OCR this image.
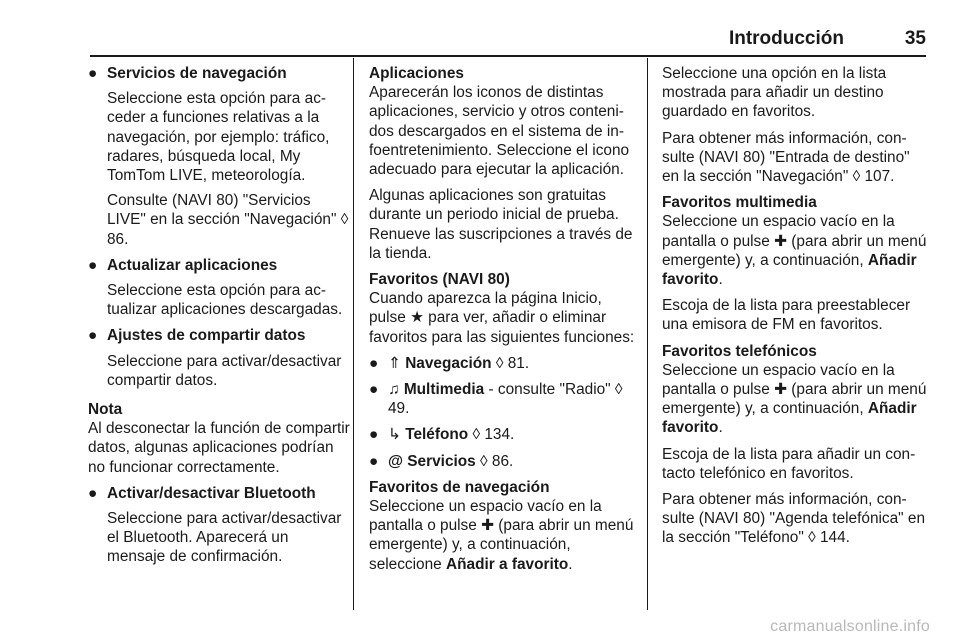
Introducción	35
● Servicios de navegación
Seleccione esta opción para acceder a funciones relativas a la navegación, por ejemplo: tráfico, radares, búsqueda local, My TomTom LIVE, meteorología.
Consulte (NAVI 80) "Servicios LIVE" en la sección "Navegación" ◊ 86.
● Actualizar aplicaciones
Seleccione esta opción para actualizar aplicaciones descargadas.
● Ajustes de compartir datos
Seleccione para activar/desactivar compartir datos.
Nota
Al desconectar la función de compartir datos, algunas aplicaciones podrían no funcionar correctamente.
● Activar/desactivar Bluetooth
Seleccione para activar/desactivar el Bluetooth. Aparecerá un mensaje de confirmación.

Aplicaciones
Aparecerán los iconos de distintas aplicaciones, servicio y otros contenidos descargados en el sistema de infoentretenimiento. Seleccione el icono adecuado para ejecutar la aplicación.

Algunas aplicaciones son gratuitas durante un periodo inicial de prueba. Renueve las suscripciones a través de la tienda.

Favoritos (NAVI 80)
Cuando aparezca la página Inicio, pulse ★ para ver, añadir o eliminar favoritos para las siguientes funciones:

● ⇑ Navegación ◊ 81.
● ♫ Multimedia - consulte "Radio" ◊ 49.
● ↳ Teléfono ◊ 134.
● @ Servicios ◊ 86.

Favoritos de navegación
Seleccione un espacio vacío en la pantalla o pulse ✚ (para abrir un menú emergente) y, a continuación, seleccione Añadir a favorito.

Seleccione una opción en la lista mostrada para añadir un destino guardado en favoritos.

Para obtener más información, consulte (NAVI 80) "Entrada de destino" en la sección "Navegación" ◊ 107.

Favoritos multimedia
Seleccione un espacio vacío en la pantalla o pulse ✚ (para abrir un menú emergente) y, a continuación, Añadir favorito.

Escoja de la lista para preestablecer una emisora de FM en favoritos.

Favoritos telefónicos
Seleccione un espacio vacío en la pantalla o pulse ✚ (para abrir un menú emergente) y, a continuación, Añadir favorito.

Escoja de la lista para añadir un contacto telefónico en favoritos.

Para obtener más información, consulte (NAVI 80) "Agenda telefónica" en la sección "Teléfono" ◊ 144.

carmanualsonline.info
